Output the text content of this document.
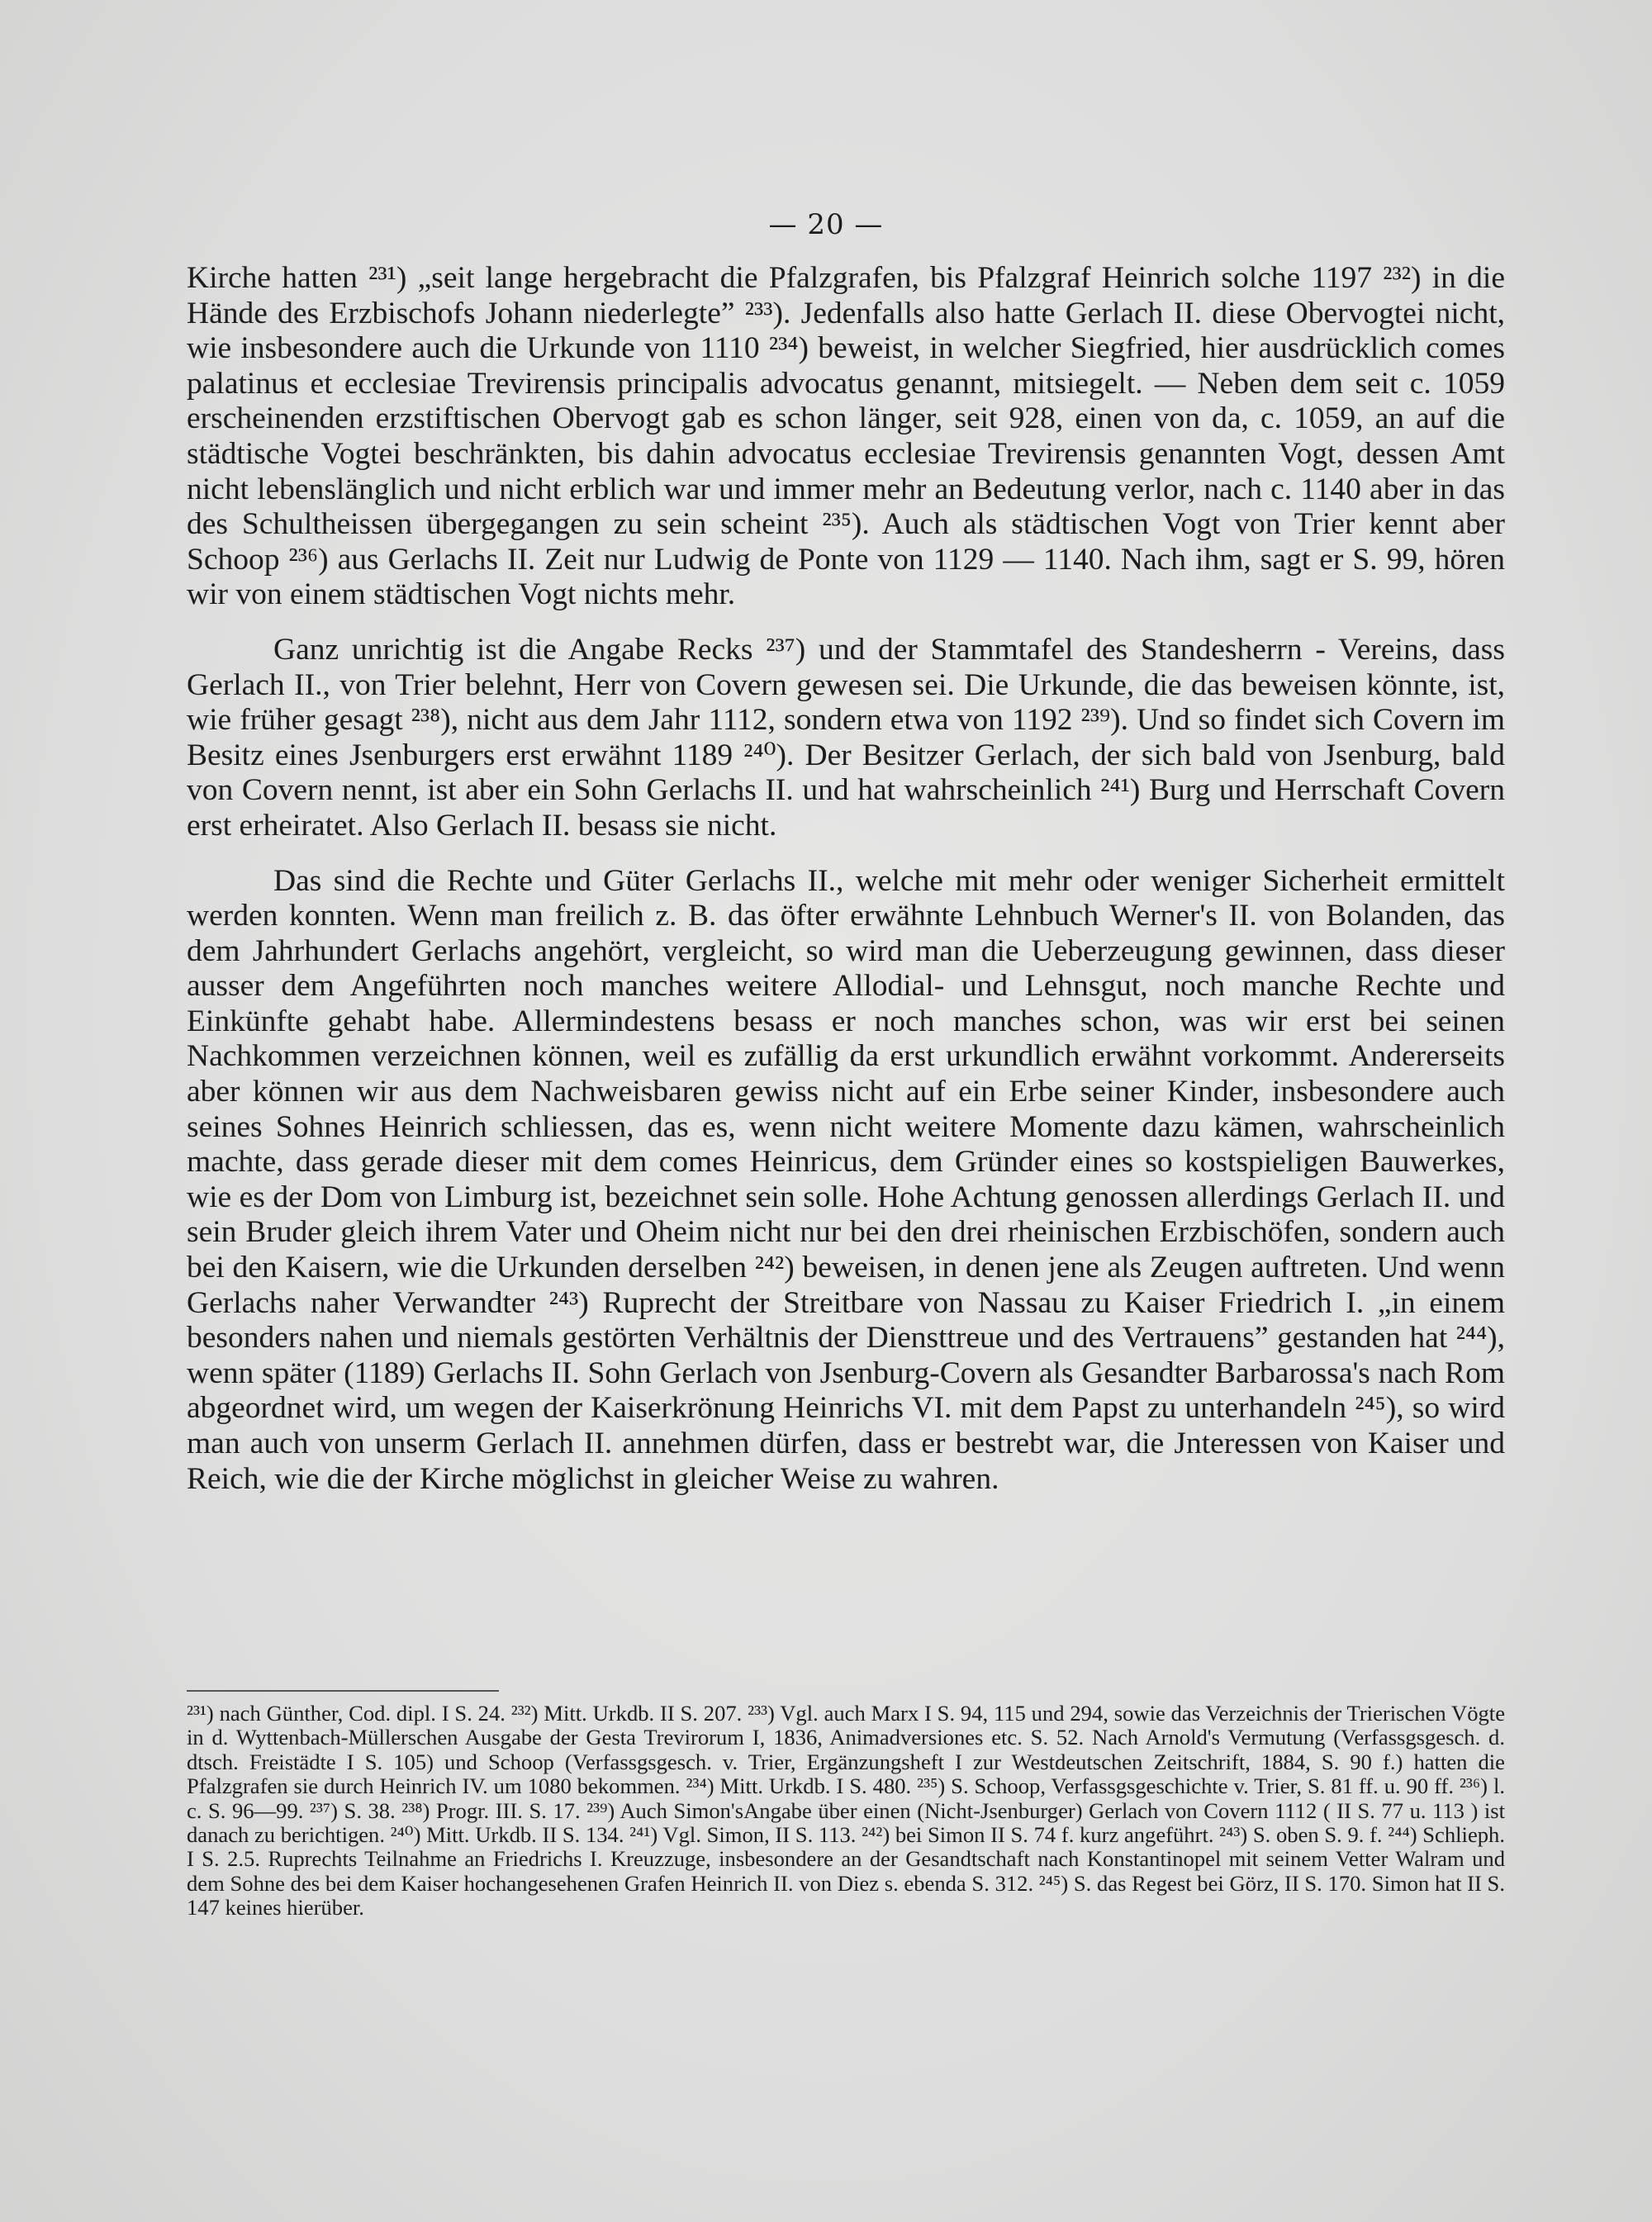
— 20 —

Kirche hatten ²³¹) „seit lange hergebracht die Pfalzgrafen, bis Pfalzgraf Heinrich solche 1197 ²³²) in die Hände des Erzbischofs Johann niederlegte” ²³³). Jedenfalls also hatte Gerlach II. diese Obervogtei nicht, wie insbesondere auch die Urkunde von 1110 ²³⁴) beweist, in welcher Siegfried, hier ausdrücklich comes palatinus et ecclesiae Trevirensis principalis advocatus genannt, mitsiegelt. — Neben dem seit c. 1059 erscheinenden erzstiftischen Obervogt gab es schon länger, seit 928, einen von da, c. 1059, an auf die städtische Vogtei beschränkten, bis dahin advocatus ecclesiae Trevirensis genannten Vogt, dessen Amt nicht lebenslänglich und nicht erblich war und immer mehr an Bedeutung verlor, nach c. 1140 aber in das des Schultheissen übergegangen zu sein scheint ²³⁵). Auch als städtischen Vogt von Trier kennt aber Schoop ²³⁶) aus Gerlachs II. Zeit nur Ludwig de Ponte von 1129 — 1140. Nach ihm, sagt er S. 99, hören wir von einem städtischen Vogt nichts mehr.

Ganz unrichtig ist die Angabe Recks ²³⁷) und der Stammtafel des Standesherrn - Vereins, dass Gerlach II., von Trier belehnt, Herr von Covern gewesen sei. Die Urkunde, die das beweisen könnte, ist, wie früher gesagt ²³⁸), nicht aus dem Jahr 1112, sondern etwa von 1192 ²³⁹). Und so findet sich Covern im Besitz eines Jsenburgers erst erwähnt 1189 ²⁴⁰). Der Besitzer Gerlach, der sich bald von Jsenburg, bald von Covern nennt, ist aber ein Sohn Gerlachs II. und hat wahrscheinlich ²⁴¹) Burg und Herrschaft Covern erst erheiratet. Also Gerlach II. besass sie nicht.

Das sind die Rechte und Güter Gerlachs II., welche mit mehr oder weniger Sicherheit ermittelt werden konnten. Wenn man freilich z. B. das öfter erwähnte Lehnbuch Werner's II. von Bolanden, das dem Jahrhundert Gerlachs angehört, vergleicht, so wird man die Ueberzeugung gewinnen, dass dieser ausser dem Angeführten noch manches weitere Allodial- und Lehnsgut, noch manche Rechte und Einkünfte gehabt habe. Allermindestens besass er noch manches schon, was wir erst bei seinen Nachkommen verzeichnen können, weil es zufällig da erst urkundlich erwähnt vorkommt. Andererseits aber können wir aus dem Nachweisbaren gewiss nicht auf ein Erbe seiner Kinder, insbesondere auch seines Sohnes Heinrich schliessen, das es, wenn nicht weitere Momente dazu kämen, wahrscheinlich machte, dass gerade dieser mit dem comes Heinricus, dem Gründer eines so kostspieligen Bauwerkes, wie es der Dom von Limburg ist, bezeichnet sein solle. Hohe Achtung genossen allerdings Gerlach II. und sein Bruder gleich ihrem Vater und Oheim nicht nur bei den drei rheinischen Erzbischöfen, sondern auch bei den Kaisern, wie die Urkunden derselben ²⁴²) beweisen, in denen jene als Zeugen auftreten. Und wenn Gerlachs naher Verwandter ²⁴³) Ruprecht der Streitbare von Nassau zu Kaiser Friedrich I. „in einem besonders nahen und niemals gestörten Verhältnis der Diensttreue und des Vertrauens” gestanden hat ²⁴⁴), wenn später (1189) Gerlachs II. Sohn Gerlach von Jsenburg-Covern als Gesandter Barbarossa's nach Rom abgeordnet wird, um wegen der Kaiserkrönung Heinrichs VI. mit dem Papst zu unterhandeln ²⁴⁵), so wird man auch von unserm Gerlach II. annehmen dürfen, dass er bestrebt war, die Jnteressen von Kaiser und Reich, wie die der Kirche möglichst in gleicher Weise zu wahren.

²³¹) nach Günther, Cod. dipl. I S. 24. ²³²) Mitt. Urkdb. II S. 207. ²³³) Vgl. auch Marx I S. 94, 115 und 294, sowie das Verzeichnis der Trierischen Vögte in d. Wyttenbach-Müllerschen Ausgabe der Gesta Trevirorum I, 1836, Animadversiones etc. S. 52. Nach Arnold's Vermutung (Verfassgsgesch. d. dtsch. Freistädte I S. 105) und Schoop (Verfassgsgesch. v. Trier, Ergänzungsheft I zur Westdeutschen Zeitschrift, 1884, S. 90 f.) hatten die Pfalzgrafen sie durch Heinrich IV. um 1080 bekommen. ²³⁴) Mitt. Urkdb. I S. 480. ²³⁵) S. Schoop, Verfassgsgeschichte v. Trier, S. 81 ff. u. 90 ff. ²³⁶) l. c. S. 96—99. ²³⁷) S. 38. ²³⁸) Progr. III. S. 17. ²³⁹) Auch Simon'sAngabe über einen (Nicht-Jsenburger) Gerlach von Covern 1112 ( II S. 77 u. 113 ) ist danach zu berichtigen. ²⁴⁰) Mitt. Urkdb. II S. 134. ²⁴¹) Vgl. Simon, II S. 113. ²⁴²) bei Simon II S. 74 f. kurz angeführt. ²⁴³) S. oben S. 9. f. ²⁴⁴) Schlieph. I S. 2.5. Ruprechts Teilnahme an Friedrichs I. Kreuzzuge, insbesondere an der Gesandtschaft nach Konstantinopel mit seinem Vetter Walram und dem Sohne des bei dem Kaiser hochangesehenen Grafen Heinrich II. von Diez s. ebenda S. 312. ²⁴⁵) S. das Regest bei Görz, II S. 170. Simon hat II S. 147 keines hierüber.
